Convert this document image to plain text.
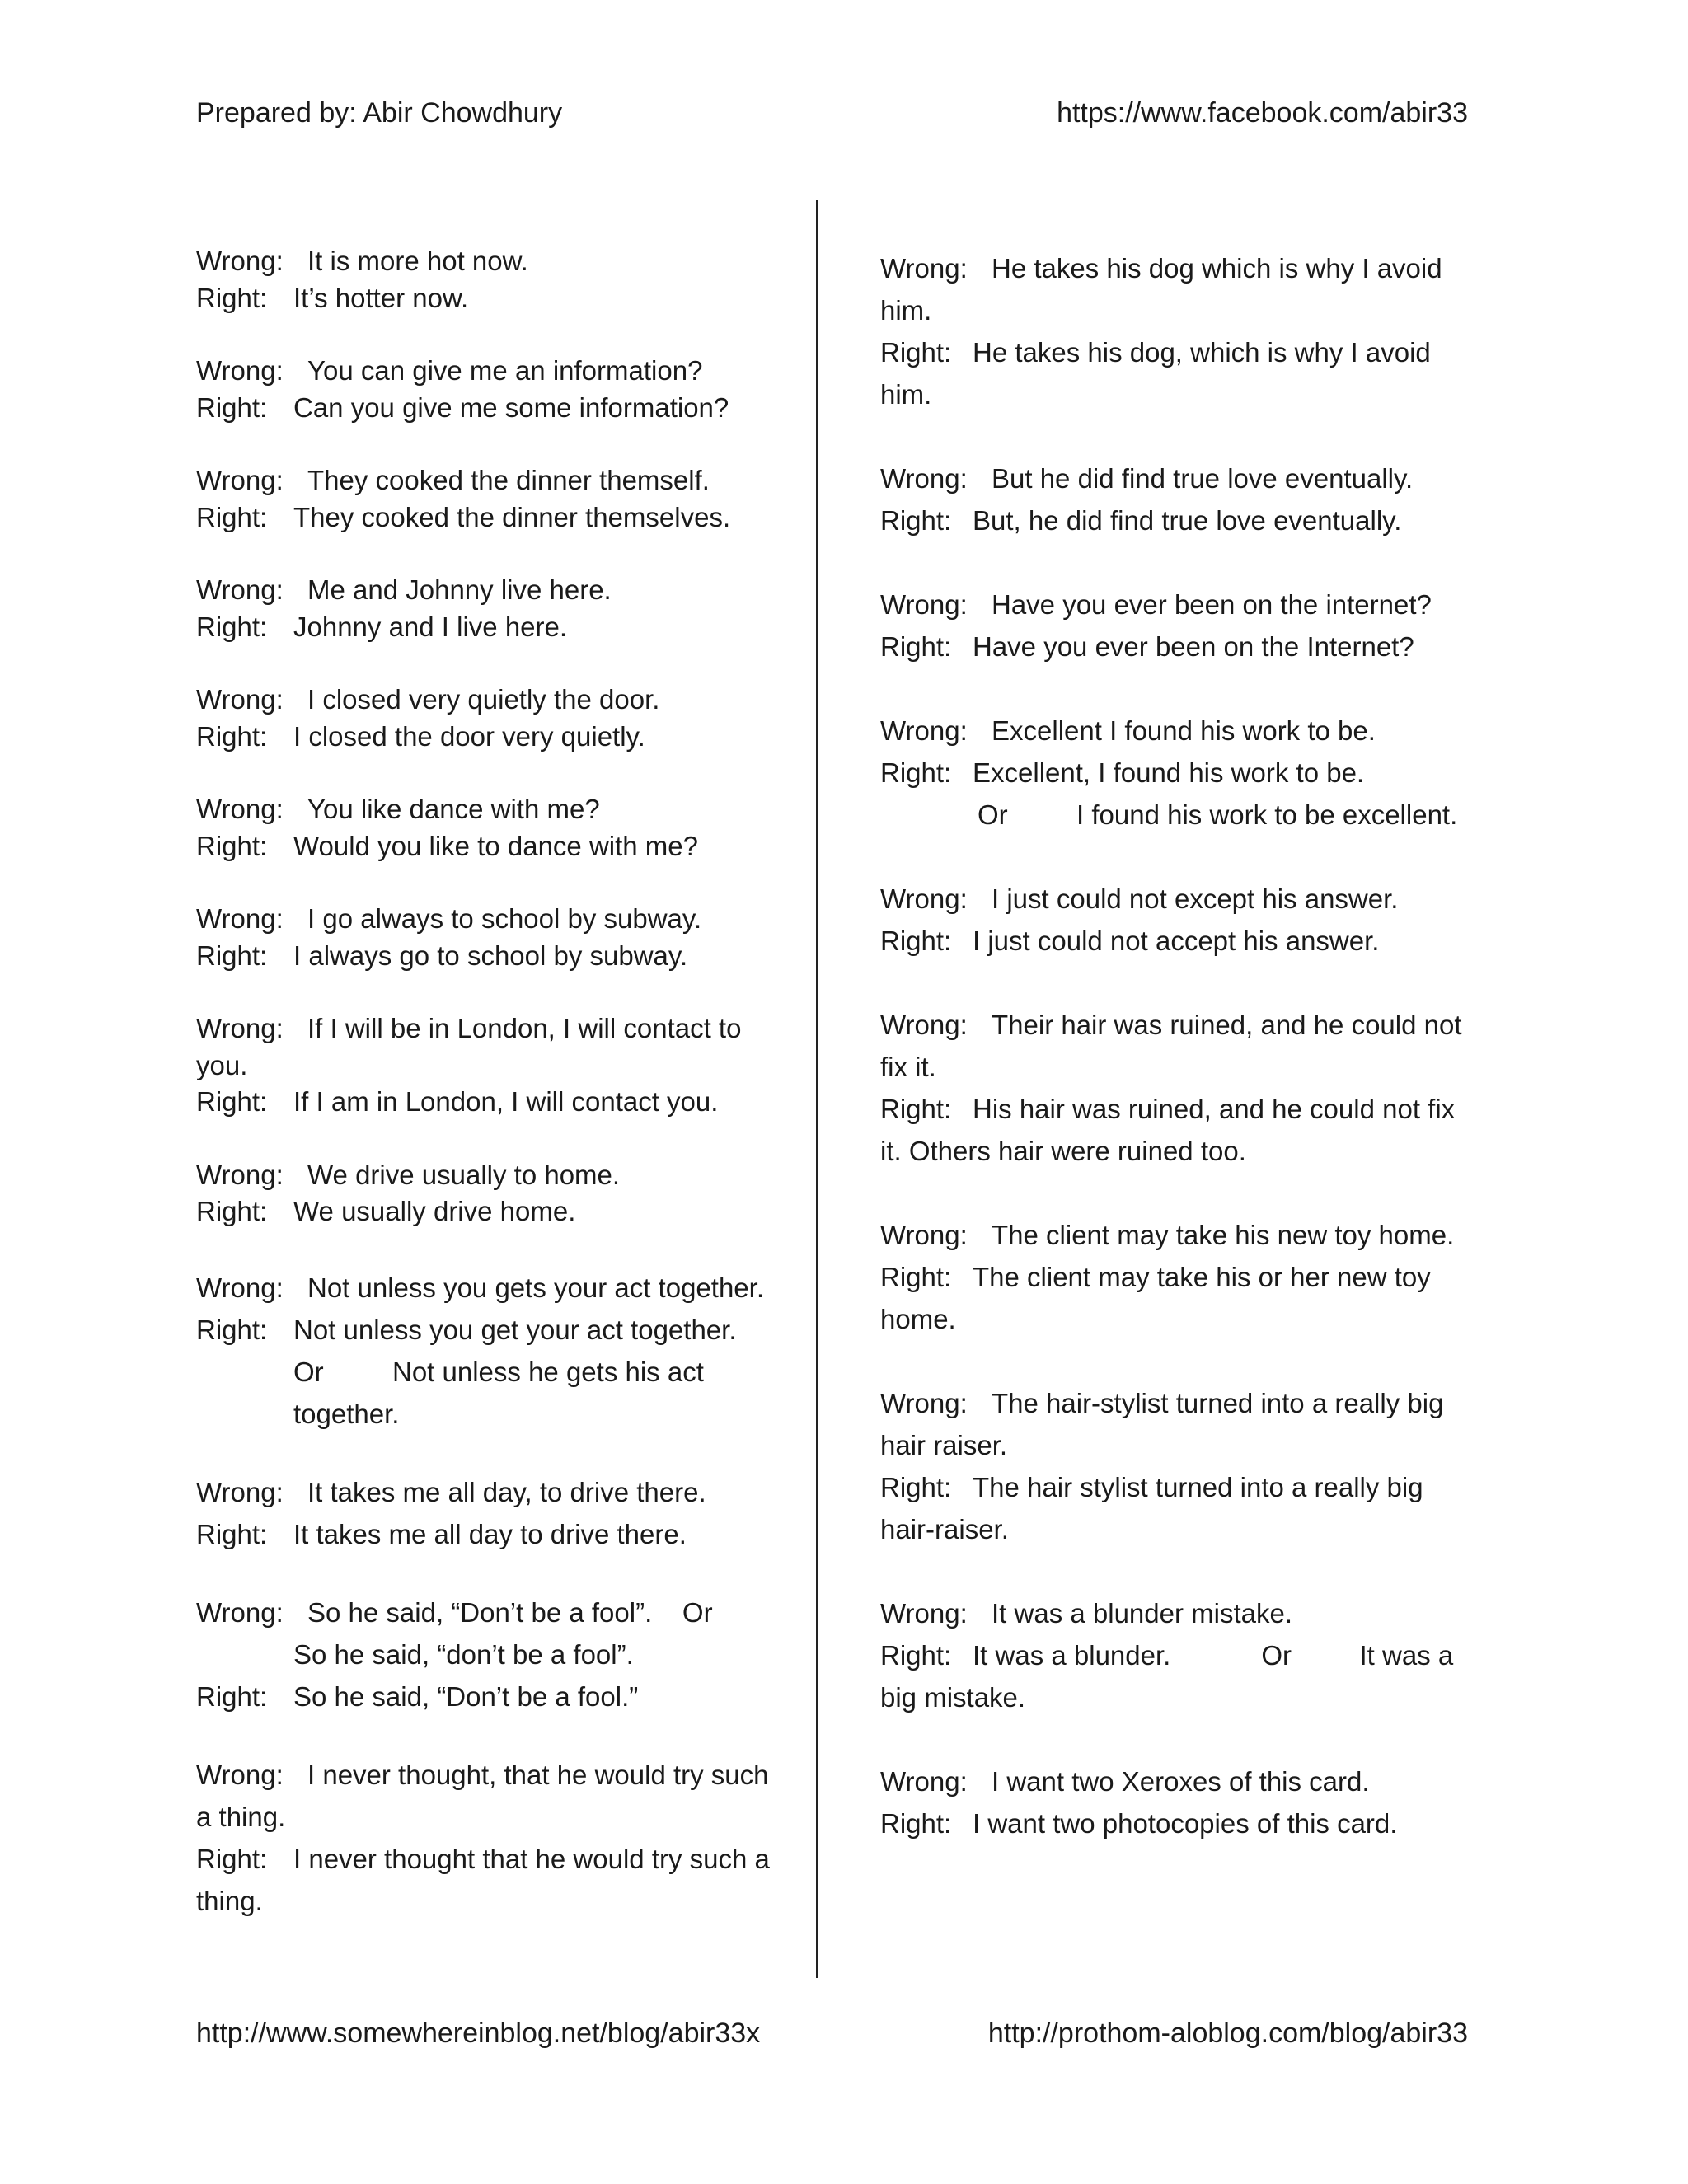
Prepared by: Abir Chowdhury	https://www.facebook.com/abir33
Wrong: It is more hot now.
Right: It’s hotter now.
Wrong: You can give me an information?
Right: Can you give me some information?
Wrong: They cooked the dinner themself.
Right: They cooked the dinner themselves.
Wrong: Me and Johnny live here.
Right: Johnny and I live here.
Wrong: I closed very quietly the door.
Right: I closed the door very quietly.
Wrong: You like dance with me?
Right: Would you like to dance with me?
Wrong: I go always to school by subway.
Right: I always go to school by subway.
Wrong: If I will be in London, I will contact to you.
Right: If I am in London, I will contact you.
Wrong: We drive usually to home.
Right: We usually drive home.
Wrong: Not unless you gets your act together.
Right: Not unless you get your act together.
Or	Not unless he gets his act together.
Wrong: It takes me all day, to drive there.
Right: It takes me all day to drive there.
Wrong: So he said, “Don’t be a fool”.    Or
So he said, “don’t be a fool”.
Right: So he said, “Don’t be a fool.”
Wrong: I never thought, that he would try such a thing.
Right: I never thought that he would try such a thing.
Wrong: He takes his dog which is why I avoid him.
Right: He takes his dog, which is why I avoid him.
Wrong: But he did find true love eventually.
Right: But, he did find true love eventually.
Wrong: Have you ever been on the internet?
Right: Have you ever been on the Internet?
Wrong: Excellent I found his work to be.
Right: Excellent, I found his work to be.
Or	I found his work to be excellent.
Wrong: I just could not except his answer.
Right: I just could not accept his answer.
Wrong: Their hair was ruined, and he could not fix it.
Right: His hair was ruined, and he could not fix it. Others hair were ruined too.
Wrong: The client may take his new toy home.
Right: The client may take his or her new toy home.
Wrong: The hair-stylist turned into a really big hair raiser.
Right: The hair stylist turned into a really big hair-raiser.
Wrong: It was a blunder mistake.
Right: It was a blunder.            Or         It was a big mistake.
Wrong: I want two Xeroxes of this card.
Right: I want two photocopies of this card.
http://www.somewhereinblog.net/blog/abir33x	http://prothom-aloblog.com/blog/abir33
